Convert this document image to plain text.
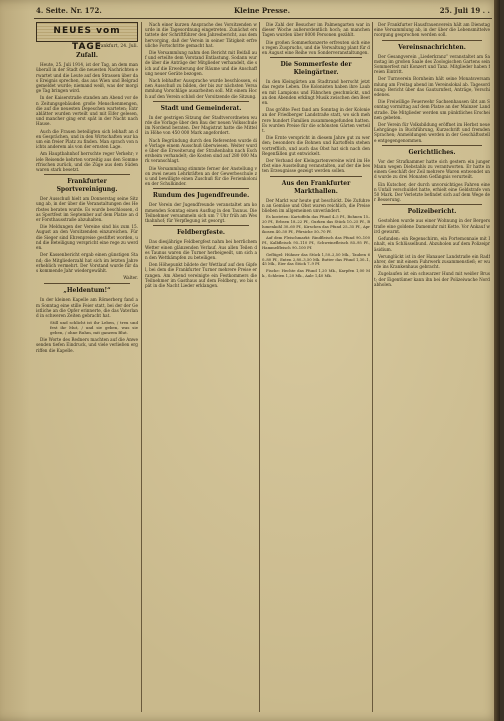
4. Seite. Nr. 172.	Kleine Presse.	25. Juli 19 . .
NEUES vom TAGE
Frankfurt, 24. Juli.
Zufall.

Heute, 25. Juli 1914, ist der Tag, an dem man überall in der Stadt die neuesten Nachrichten erwartet und die Leute auf den Strassen über das Ereignis sprechen, das aus Wien und Belgrad gemeldet wurde; niemand weiß, was der morgige Tag bringen wird.

In der Kaiserstraße standen am Abend vor den Zeitungsgebäuden große Menschenmengen, die auf die neuesten Depeschen warteten; Extrablätter wurden verteilt und mit Eifer gelesen, und mancher ging erst spät in der Nacht nach Hause.

Auch die Frauen beteiligten sich lebhaft an den Gesprächen, und in den Wirtschaften war kaum ein freier Platz zu finden. Man sprach von nichts anderem als von der ernsten Lage.

Am Hauptbahnhof herrschte reger Verkehr; viele Reisende kehrten vorzeitig aus den Sommerfrischen zurück, und die Züge aus dem Süden waren stark besetzt.

Frankfurter Sportvereinigung.

Der Ausschuß hielt am Donnerstag seine Sitzung ab, in der über die Veranstaltungen des Herbstes beraten wurde. Es wurde beschlossen, das Sportfest im September auf dem Platze an der Forsthausstraße abzuhalten.

Die Meldungen der Vereine sind bis zum 15. August an den Vorsitzenden einzureichen. Für die Sieger sind Ehrenpreise gestiftet worden, und die Beteiligung verspricht eine rege zu werden.

Der Kassenbericht ergab einen günstigen Stand; die Mitgliederzahl hat sich im letzten Jahre erheblich vermehrt. Der Vorstand wurde für das kommende Jahr wiedergewählt.

Walter.
„Heldentum!“

In der kleinen Kapelle am Römerberg fand am Sonntag eine stille Feier statt, bei der der Geistliche an die Opfer erinnerte, die das Vaterland in schweren Zeiten gebracht hat.

Still und schlicht ist ihr Leben, / treu und fest ihr Mut, / und sie geben, was sie geben, / ohne Ruhm, mit ganzem Blut.

Die Worte des Redners machten auf die Anwesenden tiefen Eindruck, und viele verließen ergriffen die Kapelle.

Nach einer kurzen Ansprache des Vorsitzenden wurde in die Tagesordnung eingetreten. Zunächst erstattete der Schriftführer den Jahresbericht, aus dem hervorging, daß der Verein in seiner Tätigkeit erfreuliche Fortschritte gemacht hat.

Die Versammlung nahm den Bericht mit Beifall auf und erteilte dem Vorstand Entlastung. Sodann wurde über die Anträge der Mitglieder verhandelt, die sich auf die Erweiterung der Räume und die Anschaffung neuer Geräte bezogen.

Nach lebhafter Aussprache wurde beschlossen, einen Ausschuß zu bilden, der bis zur nächsten Versammlung Vorschläge ausarbeiten soll. Mit einem Hoch auf den Verein schloß der Vorsitzende die Sitzung.

Stadt und Gemeinderat.

In der gestrigen Sitzung der Stadtverordneten wurde die Vorlage über den Bau der neuen Volksschule im Nordend beraten. Der Magistrat hatte die Mittel in Höhe von 450 000 Mark angefordert.

Nach Begründung durch den Referenten wurde die Vorlage einem Ausschuß überwiesen. Weiter wurde über die Erweiterung der Straßenbahn nach Eschersheim verhandelt; die Kosten sind auf 280 000 Mark veranschlagt.

Die Versammlung stimmte ferner der Anstellung von zwei neuen Lehrkräften an der Gewerbeschule zu und bewilligte einen Zuschuß für die Ferienkolonien der Schulkinder.

Rundum des Jugendfreunde.

Der Verein der Jugendfreunde veranstaltet am kommenden Sonntag einen Ausflug in den Taunus. Die Teilnehmer versammeln sich um 7 Uhr früh am Westbahnhof; für Verpflegung ist gesorgt.

Feldbergfeste.

Das diesjährige Feldbergfest nahm bei herrlichem Wetter einen glänzenden Verlauf. Aus allen Teilen des Taunus waren die Turner herbeigeeilt, um sich an den Wettkämpfen zu beteiligen.

Den Höhepunkt bildete der Wettlauf auf den Gipfel, bei dem die Frankfurter Turner mehrere Preise errangen. Am Abend vereinigte ein Festkommers die Teilnehmer im Gasthaus auf dem Feldberg, wo bis spät in die Nacht Lieder erklangen.

Die Zahl der Besucher im Palmengarten war in dieser Woche außerordentlich hoch; an manchen Tagen wurden über 8000 Personen gezählt.

Die großen Sommerkonzerte erfreuten sich eines regen Zuspruchs, und die Verwaltung plant für den August eine Reihe von Sonderveranstaltungen.

Die Sommerfeste der Kleingärtner.

In den Kleingärten am Stadtrand herrscht jetzt das regste Leben. Die Kolonisten haben ihre Lauben mit Lampions und Fähnchen geschmückt, und an den Abenden erklingt Musik zwischen den Beeten.

Das größte Fest fand am Sonntag in der Kolonie an der Friedberger Landstraße statt, wo sich mehrere hundert Familien zusammengefunden hatten. Es wurden Preise für die schönsten Gärten verteilt.

Die Ernte verspricht in diesem Jahre gut zu werden; besonders die Bohnen und Kartoffeln stehen vortrefflich, und auch das Obst hat sich nach den Regenfällen gut entwickelt.

Der Verband der Kleingartenvereine wird im Herbst eine Ausstellung veranstalten, auf der die besten Erzeugnisse gezeigt werden sollen.

Aus den Frankfurter Markthallen.

Der Markt war heute gut beschickt. Die Zufuhren an Gemüse und Obst waren reichlich, die Preise blieben im allgemeinen unverändert.

Es kosteten: Kartoffeln das Pfund 4–5 Pf., Bohnen 15–20 Pf., Erbsen 18–22 Pf., Gurken das Stück 10–25 Pf., Blumenkohl 30–60 Pf., Kirschen das Pfund 25–35 Pf., Aprikosen 40–50 Pf., Pfirsiche 50–70 Pf.

Auf dem Fleischmarkt: Rindfleisch das Pfund 90–100 Pf., Kalbfleisch 95–110 Pf., Schweinefleisch 85–95 Pf., Hammelfleisch 90–100 Pf.

Geflügel: Hühner das Stück 1,50–2,50 Mk., Tauben 60–80 Pf., Enten 2,80–3,50 Mk. Butter das Pfund 1,30–1,45 Mk., Eier das Stück 7–9 Pf.

Fische: Hechte das Pfund 1,20 Mk., Karpfen 1,00 Mk., Schleien 1,20 Mk., Aale 1,40 Mk.

Der Frankfurter Hausfrauenverein hält am Dienstag eine Versammlung ab, in der über die Lebensmittelversorgung gesprochen werden soll.

Vereinsnachrichten.

Der Gesangverein „Liederkranz“ veranstaltet am Samstag im großen Saale des Zoologischen Gartens sein Sommerfest mit Konzert und Tanz. Mitglieder haben freien Eintritt.

Der Turnverein Bornheim hält seine Monatsversammlung am Freitag abend im Vereinslokal ab. Tagesordnung: Bericht über das Gauturnfest, Anträge, Verschiedenes.

Die Freiwillige Feuerwehr Sachsenhausen übt am Sonntag vormittag auf dem Platze an der Mainzer Landstraße. Die Mitglieder werden um pünktliches Erscheinen gebeten.

Der Verein für Volksbildung eröffnet im Herbst neue Lehrgänge in Buchführung, Kurzschrift und fremden Sprachen; Anmeldungen werden in der Geschäftsstelle entgegengenommen.

Gerichtliches.

Vor der Strafkammer hatte sich gestern ein junger Mann wegen Diebstahls zu verantworten. Er hatte in einem Geschäft der Zeil mehrere Waren entwendet und wurde zu drei Monaten Gefängnis verurteilt.

Ein Kutscher, der durch unvorsichtiges Fahren einen Unfall verschuldet hatte, erhielt eine Geldstrafe von 50 Mark. Der Verletzte befindet sich auf dem Wege der Besserung.

Polizeibericht.

Gestohlen wurde aus einer Wohnung in der Bergerstraße eine goldene Damenuhr mit Kette. Vor Ankauf wird gewarnt.

Gefunden: ein Regenschirm, ein Portemonnaie mit Inhalt, ein Schlüsselbund. Abzuholen auf dem Polizeipräsidium.

Verunglückt ist in der Hanauer Landstraße ein Radfahrer, der mit einem Fuhrwerk zusammenstieß; er wurde ins Krankenhaus gebracht.

Zugelaufen ist ein schwarzer Hund mit weißer Brust; der Eigentümer kann ihn bei der Polizeiwache Nord abholen.
